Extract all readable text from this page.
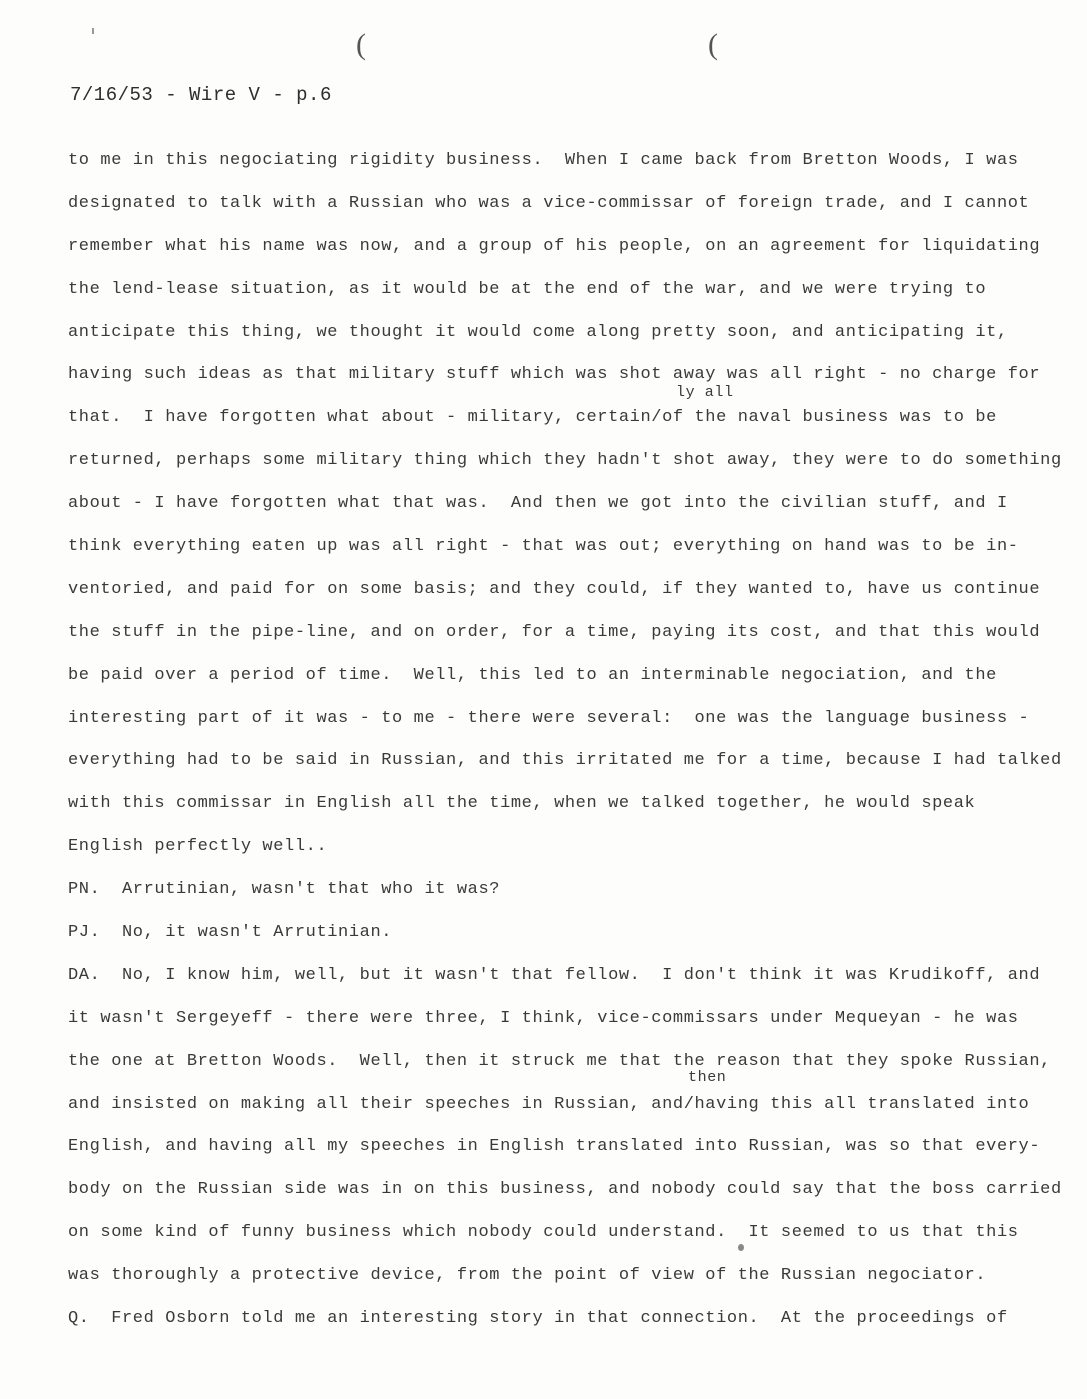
(	(
7/16/53 - Wire V - p.6
ly all
then
to me in this negociating rigidity business.  When I came back from Bretton Woods, I was
designated to talk with a Russian who was a vice-commissar of foreign trade, and I cannot
remember what his name was now, and a group of his people, on an agreement for liquidating
the lend-lease situation, as it would be at the end of the war, and we were trying to
anticipate this thing, we thought it would come along pretty soon, and anticipating it,
having such ideas as that military stuff which was shot away was all right - no charge for
that.  I have forgotten what about - military, certain/of the naval business was to be
returned, perhaps some military thing which they hadn't shot away, they were to do something
about - I have forgotten what that was.  And then we got into the civilian stuff, and I
think everything eaten up was all right - that was out; everything on hand was to be in-
ventoried, and paid for on some basis; and they could, if they wanted to, have us continue
the stuff in the pipe-line, and on order, for a time, paying its cost, and that this would
be paid over a period of time.  Well, this led to an interminable negociation, and the
interesting part of it was - to me - there were several:  one was the language business -
everything had to be said in Russian, and this irritated me for a time, because I had talked
with this commissar in English all the time, when we talked together, he would speak
English perfectly well..
PN.  Arrutinian, wasn't that who it was?
PJ.  No, it wasn't Arrutinian.
DA.  No, I know him, well, but it wasn't that fellow.  I don't think it was Krudikoff, and
it wasn't Sergeyeff - there were three, I think, vice-commissars under Mequeyan - he was
the one at Bretton Woods.  Well, then it struck me that the reason that they spoke Russian,
and insisted on making all their speeches in Russian, and/having this all translated into
English, and having all my speeches in English translated into Russian, was so that every-
body on the Russian side was in on this business, and nobody could say that the boss carried
on some kind of funny business which nobody could understand.  It seemed to us that this
was thoroughly a protective device, from the point of view of the Russian negociator.
Q.  Fred Osborn told me an interesting story in that connection.  At the proceedings of
